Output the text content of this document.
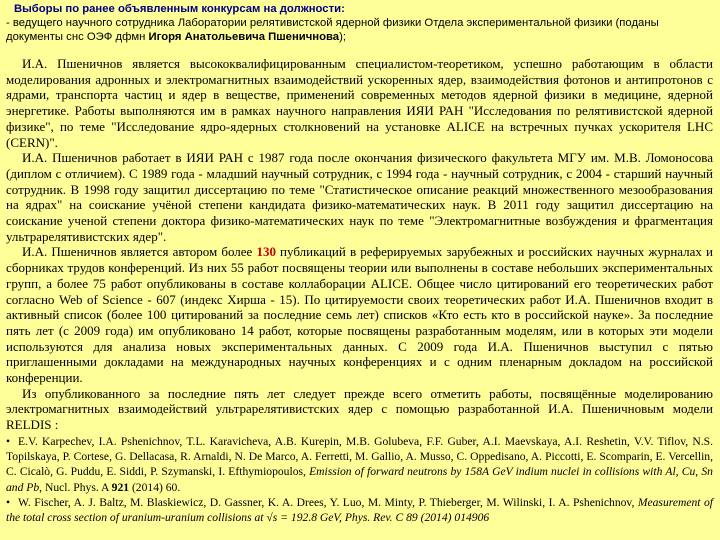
Выборы по ранее объявленным конкурсам на должности:
- ведущего научного сотрудника Лаборатории релятивистской ядерной физики Отдела экспериментальной физики (поданы
документы снс ОЭФ дфмн Игоря Анатольевича Пшеничнова);

И.А. Пшеничнов является высококвалифицированным специалистом-теоретиком, успешно работающим в области моделирования адронных и электромагнитных взаимодействий ускоренных ядер, взаимодействия фотонов и антипротонов с ядрами, транспорта частиц и ядер в веществе, применений современных методов ядерной физики в медицине, ядерной энергетике. Работы выполняются им в рамках научного направления ИЯИ РАН "Исследования по релятивистской ядерной физике", по теме "Исследование ядро-ядерных столкновений на установке ALICE на встречных пучках ускорителя LHC (CERN)".

И.А. Пшеничнов работает в ИЯИ РАН с 1987 года после окончания физического факультета МГУ им. М.В. Ломоносова (диплом с отличием). С 1989 года - младший научный сотрудник, с 1994 года - научный сотрудник, с 2004 - старший научный сотрудник. В 1998 году защитил диссертацию по теме "Статистическое описание реакций множественного мезообразования на ядрах" на соискание учёной степени кандидата физико-математических наук. В 2011 году защитил диссертацию на соискание ученой степени доктора физико-математических наук по теме "Электромагнитные возбуждения и фрагментация ультрарелятивистских ядер".

И.А. Пшеничнов является автором более 130 публикаций в реферируемых зарубежных и российских научных журналах и сборниках трудов конференций. Из них 55 работ посвящены теории или выполнены в составе небольших экспериментальных групп, а более 75 работ опубликованы в составе коллаборации ALICE. Общее число цитирований его теоретических работ согласно Web of Science - 607 (индекс Хирша - 15). По цитируемости своих теоретических работ И.А. Пшеничнов входит в активный список (более 100 цитирований за последние семь лет) списков «Кто есть кто в российской науке». За последние пять лет (с 2009 года) им опубликовано 14 работ, которые посвящены разработанным моделям, или в которых эти модели используются для анализа новых экспериментальных данных. С 2009 года И.А. Пшеничнов выступил с пятью приглашенными докладами на международных научных конференциях и с одним пленарным докладом на российской конференции.

Из опубликованного за последние пять лет следует прежде всего отметить работы, посвящённые моделированию электромагнитных взаимодействий ультрарелятивистских ядер с помощью разработанной И.А. Пшеничновым модели RELDIS :

• E.V. Karpechev, I.A. Pshenichnov, T.L. Karavicheva, A.B. Kurepin, M.B. Golubeva, F.F. Guber, A.I. Maevskaya, A.I. Reshetin, V.V. Tiflov, N.S. Topilskaya, P. Cortese, G. Dellacasa, R. Arnaldi, N. De Marco, A. Ferretti, M. Gallio, A. Musso, C. Oppedisano, A. Piccotti, E. Scomparin, E. Vercellin, C. Cicalò, G. Puddu, E. Siddi, P. Szymanski, I. Efthymiopoulos, Emission of forward neutrons by 158A GeV indium nuclei in collisions with Al, Cu, Sn and Pb, Nucl. Phys. A 921 (2014) 60.
• W. Fischer, A. J. Baltz, M. Blaskiewicz, D. Gassner, K. A. Drees, Y. Luo, M. Minty, P. Thieberger, M. Wilinski, I. A. Pshenichnov, Measurement of the total cross section of uranium-uranium collisions at √s = 192.8 GeV, Phys. Rev. C 89 (2014) 014906
